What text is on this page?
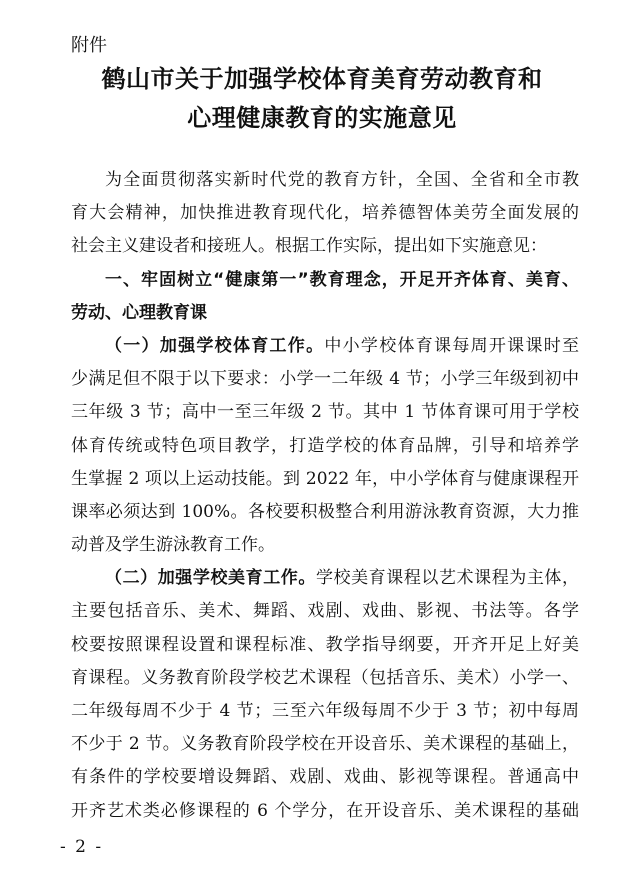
附件
鹤山市关于加强学校体育美育劳动教育和
心理健康教育的实施意见
为全面贯彻落实新时代党的教育方针，全国、全省和全市教
育大会精神，加快推进教育现代化，培养德智体美劳全面发展的
社会主义建设者和接班人。根据工作实际，提出如下实施意见：
一、牢固树立“健康第一”教育理念，开足开齐体育、美育、
劳动、心理教育课
（一）加强学校体育工作。中小学校体育课每周开课课时至
少满足但不限于以下要求：小学一二年级 4 节；小学三年级到初中
三年级 3 节；高中一至三年级 2 节。其中 1 节体育课可用于学校
体育传统或特色项目教学，打造学校的体育品牌，引导和培养学
生掌握 2 项以上运动技能。到 2022 年，中小学体育与健康课程开
课率必须达到 100%。各校要积极整合利用游泳教育资源，大力推
动普及学生游泳教育工作。
（二）加强学校美育工作。学校美育课程以艺术课程为主体，
主要包括音乐、美术、舞蹈、戏剧、戏曲、影视、书法等。各学
校要按照课程设置和课程标准、教学指导纲要，开齐开足上好美
育课程。义务教育阶段学校艺术课程（包括音乐、美术）小学一、
二年级每周不少于 4 节；三至六年级每周不少于 3 节；初中每周
不少于 2 节。义务教育阶段学校在开设音乐、美术课程的基础上，
有条件的学校要增设舞蹈、戏剧、戏曲、影视等课程。普通高中
开齐艺术类必修课程的 6 个学分，在开设音乐、美术课程的基础
- 2 -
